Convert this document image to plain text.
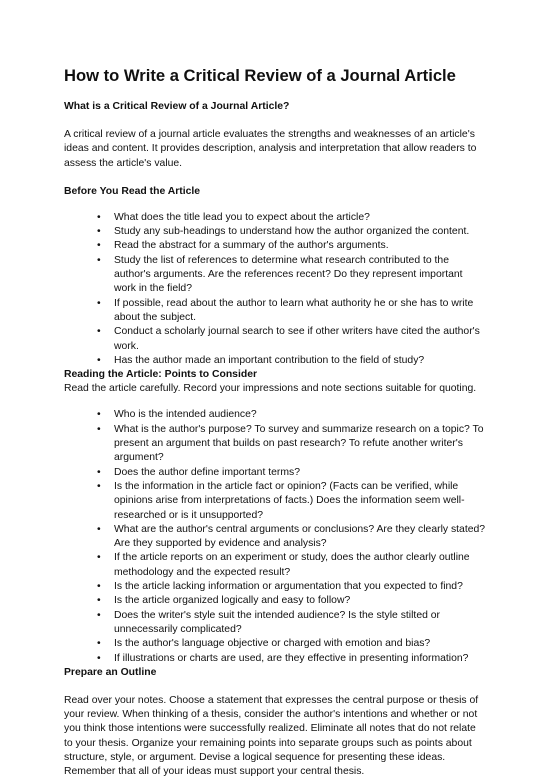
How to Write a Critical Review of a Journal Article
What is a Critical Review of a Journal Article?

A critical review of a journal article evaluates the strengths and weaknesses of an article's ideas and content. It provides description, analysis and interpretation that allow readers to assess the article's value.

Before You Read the Article
• What does the title lead you to expect about the article?
• Study any sub-headings to understand how the author organized the content.
• Read the abstract for a summary of the author's arguments.
• Study the list of references to determine what research contributed to the author's arguments. Are the references recent? Do they represent important work in the field?
• If possible, read about the author to learn what authority he or she has to write about the subject.
• Conduct a scholarly journal search to see if other writers have cited the author's work.
• Has the author made an important contribution to the field of study?
Reading the Article: Points to Consider

Read the article carefully. Record your impressions and note sections suitable for quoting.

• Who is the intended audience?
• What is the author's purpose? To survey and summarize research on a topic? To present an argument that builds on past research? To refute another writer's argument?
• Does the author define important terms?
• Is the information in the article fact or opinion? (Facts can be verified, while opinions arise from interpretations of facts.) Does the information seem well-researched or is it unsupported?
• What are the author's central arguments or conclusions? Are they clearly stated? Are they supported by evidence and analysis?
• If the article reports on an experiment or study, does the author clearly outline methodology and the expected result?
• Is the article lacking information or argumentation that you expected to find?
• Is the article organized logically and easy to follow?
• Does the writer's style suit the intended audience? Is the style stilted or unnecessarily complicated?
• Is the author's language objective or charged with emotion and bias?
• If illustrations or charts are used, are they effective in presenting information?
Prepare an Outline

Read over your notes. Choose a statement that expresses the central purpose or thesis of your review. When thinking of a thesis, consider the author's intentions and whether or not you think those intentions were successfully realized. Eliminate all notes that do not relate to your thesis. Organize your remaining points into separate groups such as points about structure, style, or argument. Devise a logical sequence for presenting these ideas. Remember that all of your ideas must support your central thesis.
